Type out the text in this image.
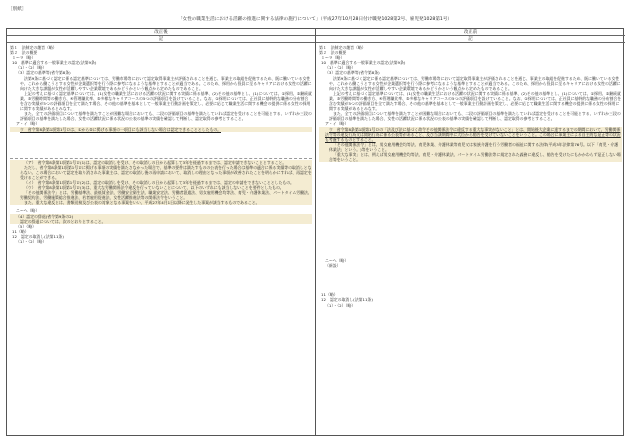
［別紙］
「女性の職業生活における活躍の推進に関する法律の施行について」（平成27年10月28日付け職発1028第2号、雇児発1028第1号）
改正後
記
第１　法制定の趣旨（略）
第２　法の概要
１～９（略）
10　基準に適合する一般事業主の認定(法第9条)
（1）・（2）（略）
（3）認定の基準等(省令第8条)
法第9条に基づく認定に係る認定基準については、労働市場等において認定取得事業主が評価されることを通じ、事業主の取組を促進するため、既に働いている女性や、これから働こうとする女性が企業選択等を行う際に参考になるような基準とすることが適当である。このため、採用から役員に至るキャリアにおける女性の活躍に向けた大きな課題が女性が活躍しやすい企業環境であるかどうかという観点から定めたものであること。
上記の考えに基づく認定基準については、(1)女性の職業生活における活躍の状況に関する実績に係る基準、(2)その他の基準とし、(1)については、①採用、②継続就業、③労働時間等の働き方、④管理職比率、⑤多様なキャリアコースの5つの評価項目を設けていること。なお、①採用については、正社員に基幹的な職務の分布割合を含む実績が5つの評価項目を全て満たす場合、その他の基準を基本として一般事業主行動計画を策定し、必要に応じて職業生活に関する機会の提供に係る女性の採用に関する実績があるとみなす。
また、全ての評価項目について基準を満たすことが困難な場合においても、二段の評価項目の基準を満たしていれば認定を受けることを可能とする、いずれか三段の評価項目の基準を満たした場合、女性の活躍状況に係る状況の公表の基準の実績を確認して判断し、認定取得の参考とすること。
ア・イ（略）
ウ　省令第8条第1項第1号ロは、①から⑤に掲げる事項の一項目にも該当しない場合は認定できることとしたもの。
（ア）　省令第8条第1項第1号ロ(1)は、認定の取消しを受け、その取消しの日から起算して3年を経過するまでは、認定申請できないこととすること。
ただし、省令第8条第1項第1号ロに掲げる事項の実績を満たさなかった場合で、基準の要件は満たすものの公表を行った場合は基準の適合に係る実績等の取消しとならない。この場合において認定を取り消された事業主は、認定の取消し後の再申請において、取消しの理由となった事項が改善されたことを明らかにすれば、再認定を受けることができる。
（イ）　省令第8条第1項第1号ロ(2)は、認定の取消しを受け、その取消しの日から起算して3年を経過するまでは、認定の申請をできないこととしたもの。
（ウ）　省令第8条第1項第1号ロ(3)は、重大な労働関係法令違反を行っていないことについて、以下のいずれにも該当しないことを要件としたもの。
「その他関係法令」とは、労働基準法、最低賃金法、労働安全衛生法、職業安定法、労働者派遣法、男女雇用機会均等法、育児・介護休業法、パートタイム労働法、労働契約法、労働施策総合推進法、若者雇用促進法、女性活躍推進法等の関係法令をいうこと。
また、重大な違反とは、書類送検及び公表の対象となる事案をいい、平成27年4月1日以降に発生した事案が該当するものであること。
ニ～ヘ（略）
（4）認定の辞退(省令第9条の2)
認定の辞退については、次のとおりとすること。
（5）（略）
11（略）
12　認定の取消し(法第11条)
（1）・（2）（略）
改正前
記
第１　法制定の趣旨（略）
第２　法の概要
１～９（略）
10　基準に適合する一般事業主の認定(法第9条)
（1）・（2）（略）
（3）認定の基準等(省令第8条)
法第9条に基づく認定に係る認定基準については、労働市場等において認定取得事業主が評価されることを通じ、事業主の取組を促進するため、既に働いている女性や、これから働こうとする女性が企業選択等を行う際に参考になるような基準とすることが適当である。このため、採用から役員に至るキャリアにおける女性の活躍に向けた大きな課題が女性が活躍しやすい企業環境であるかどうかという観点から定めたものであること。
上記の考えに基づく認定基準については、(1)女性の職業生活における活躍の状況に関する実績に係る基準、(2)その他の基準とし、(1)については、①採用、②継続就業、③労働時間等の働き方、④管理職比率、⑤多様なキャリアコースの5つの評価項目を設けていること。なお、①採用については、正社員に基幹的な職務の分布割合を含む実績が5つの評価項目を全て満たす場合、その他の基準を基本として一般事業主行動計画を策定し、必要に応じて職業生活に関する機会の提供に係る女性の採用に関する実績があるとみなす。
また、全ての評価項目について基準を満たすことが困難な場合においても、二段の評価項目の基準を満たしていれば認定を受けることを可能とする、いずれか三段の評価項目の基準を満たした場合、女性の活躍状況に係る状況の公表の基準の実績を確認して判断し、認定取得の参考とすること。
ア・イ（略）
ウ　省令第8条第1項第1号ロの「法及び法に基づく命令その他関係法令に違反する重大な事実がないこと」とは、開始後大企業に達するまでの期間において、労働関係法令等の違反行為又は開始行為に係る公表等があること、及び当該期間中に大臣から勧告を受けていないことをいうこと。この場合に事業主による自主的な是正等の状況も考慮するものとすること。
「その他関係法令」とは、男女雇用機会均等法、育児休業、介護休業等育児又は家族介護を行う労働者の福祉に関する法律(平成3年法律第76号。以下「育児・介護休業法」という。)等をいうこと。
「重大な事実」とは、例えば男女雇用機会均等法、育児・介護休業法、パートタイム労働法等に規定された義務に違反し、勧告を受けたにもかかわらず是正しない場合等をいうこと。
ニ～ヘ（略）
（新設）
11（略）
12　認定の取消し(法第11条)
（1）・（2）（略）
